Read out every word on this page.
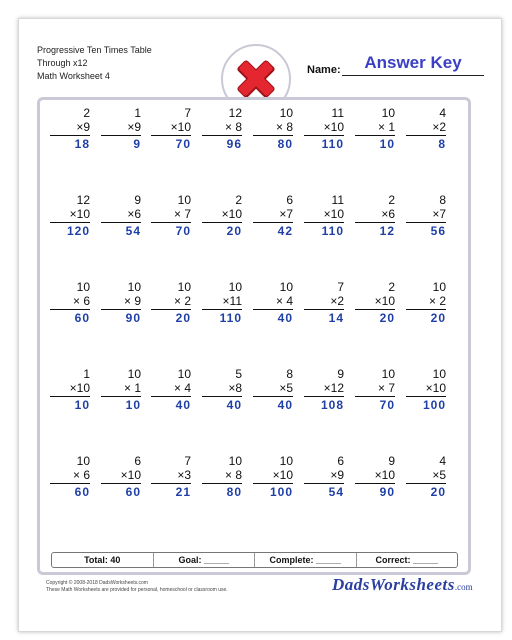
Progressive Ten Times Table
Through x12
Math Worksheet 4	Name:	Answer Key
2
×9
18
1
×9
9
7
×10
70
12
× 8
96
10
× 8
80
11
×10
110
10
× 1
10
4
×2
8
12
×10
120
9
×6
54
10
× 7
70
2
×10
20
6
×7
42
11
×10
110
2
×6
12
8
×7
56
10
× 6
60
10
× 9
90
10
× 2
20
10
×11
110
10
× 4
40
7
×2
14
2
×10
20
10
× 2
20
1
×10
10
10
× 1
10
10
× 4
40
5
×8
40
8
×5
40
9
×12
108
10
× 7
70
10
×10
100
10
× 6
60
6
×10
60
7
×3
21
10
× 8
80
10
×10
100
6
×9
54
9
×10
90
4
×5
20
Total: 40	Goal: _____	Complete: _____	Correct: _____
Copyright © 2008-2018 DadsWorksheets.com
These Math Worksheets are provided for personal, homeschool or classroom use.	DadsWorksheets.com
